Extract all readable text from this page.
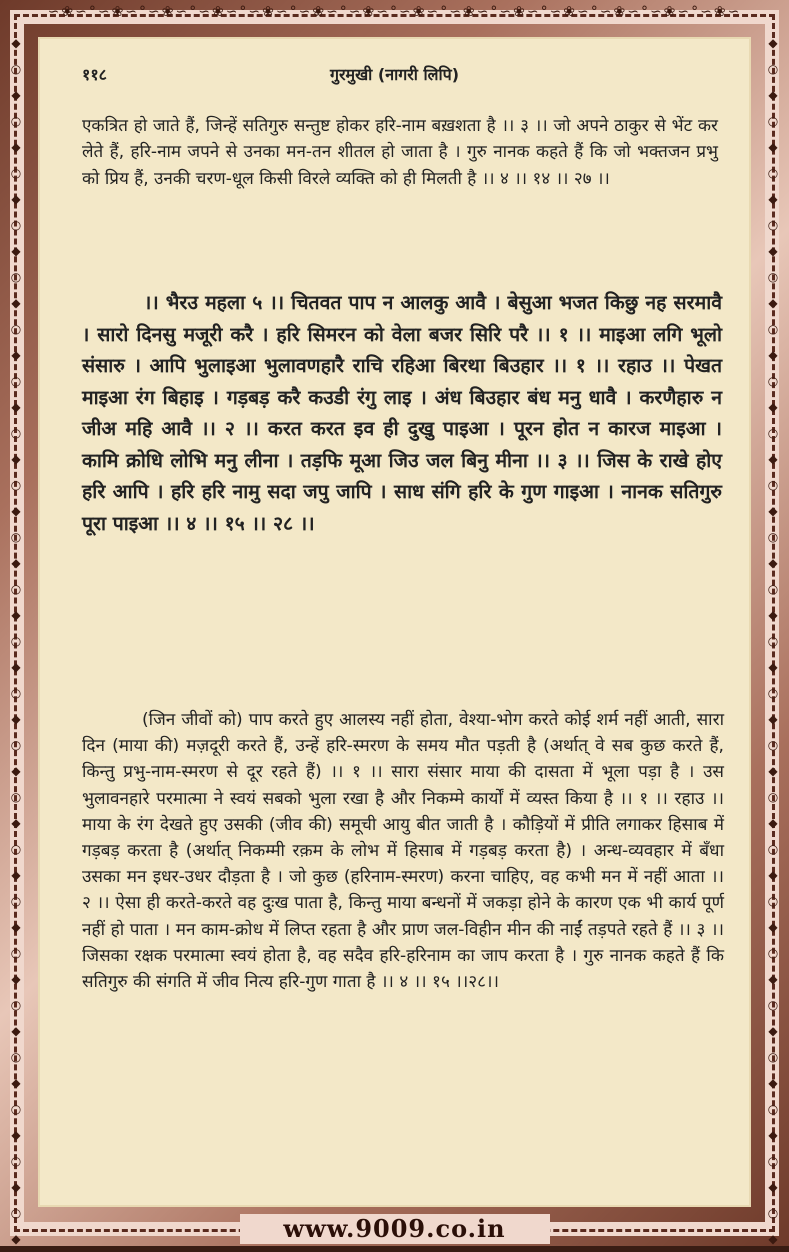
∽❀∽°∽❀∽°∽❀∽°∽❀∽°∽❀∽°∽❀∽°∽❀∽°∽❀∽°∽❀∽°∽❀∽°∽❀∽°∽❀∽°∽❀∽°∽❀∽
◆
○
◆
○
◆
○
◆
○
◆
○
◆
○
◆
○
◆
○
◆
○
◆
○
◆
○
◆
○
◆
○
◆
○
◆
○
◆
○
◆
○
◆
○
◆
○
◆
○
◆
○
◆
○
◆
○
◆
◆
○
◆
○
◆
○
◆
○
◆
○
◆
○
◆
○
◆
○
◆
○
◆
○
◆
○
◆
○
◆
○
◆
○
◆
○
◆
○
◆
○
◆
○
◆
○
◆
○
◆
○
◆
○
◆
○
◆
११८	गुरमुखी (नागरी लिपि)
एकत्रित हो जाते हैं, जिन्हें सतिगुरु सन्तुष्ट होकर हरि-नाम बख़शता है ।। ३ ।। जो अपने ठाकुर से भेंट कर लेते हैं, हरि-नाम जपने से उनका मन-तन शीतल हो जाता है । गुरु नानक कहते हैं कि जो भक्तजन प्रभु को प्रिय हैं, उनकी चरण-धूल किसी विरले व्यक्ति को ही मिलती है ।। ४ ।। १४ ।। २७ ।।
।। भैरउ महला ५ ।। चितवत पाप न आलकु आवै । बेसुआ भजत किछु नह सरमावै । सारो दिनसु मजूरी करै । हरि सिमरन को वेला बजर सिरि परै ।। १ ।। माइआ लगि भूलो संसारु । आपि भुलाइआ भुलावणहारै राचि रहिआ बिरथा बिउहार ।। १ ।। रहाउ ।। पेखत माइआ रंग बिहाइ । गड़बड़ करै कउडी रंगु लाइ । अंध बिउहार बंध मनु धावै । करणैहारु न जीअ महि आवै ।। २ ।। करत करत इव ही दुखु पाइआ । पूरन होत न कारज माइआ । कामि क्रोधि लोभि मनु लीना । तड़फि मूआ जिउ जल बिनु मीना ।। ३ ।। जिस के राखे होए हरि आपि । हरि हरि नामु सदा जपु जापि । साध संगि हरि के गुण गाइआ । नानक सतिगुरु पूरा पाइआ ।। ४ ।। १५ ।। २८ ।।
(जिन जीवों को) पाप करते हुए आलस्य नहीं होता, वेश्या-भोग करते कोई शर्म नहीं आती, सारा दिन (माया की) मज़दूरी करते हैं, उन्हें हरि-स्मरण के समय मौत पड़ती है (अर्थात् वे सब कुछ करते हैं, किन्तु प्रभु-नाम-स्मरण से दूर रहते हैं) ।। १ ।। सारा संसार माया की दासता में भूला पड़ा है । उस भुलावनहारे परमात्मा ने स्वयं सबको भुला रखा है और निकम्मे कार्यों में व्यस्त किया है ।। १ ।। रहाउ ।। माया के रंग देखते हुए उसकी (जीव की) समूची आयु बीत जाती है । कौड़ियों में प्रीति लगाकर हिसाब में गड़बड़ करता है (अर्थात् निकम्मी रक़म के लोभ में हिसाब में गड़बड़ करता है) । अन्ध-व्यवहार में बँधा उसका मन इधर-उधर दौड़ता है । जो कुछ (हरिनाम-स्मरण) करना चाहिए, वह कभी मन में नहीं आता ।। २ ।। ऐसा ही करते-करते वह दुःख पाता है, किन्तु माया बन्धनों में जकड़ा होने के कारण एक भी कार्य पूर्ण नहीं हो पाता । मन काम-क्रोध में लिप्त रहता है और प्राण जल-विहीन मीन की नाईं तड़पते रहते हैं ।। ३ ।। जिसका रक्षक परमात्मा स्वयं होता है, वह सदैव हरि-हरिनाम का जाप करता है । गुरु नानक कहते हैं कि सतिगुरु की संगति में जीव नित्य हरि-गुण गाता है ।। ४ ।। १५ ।।२८।।
www.9009.co.in
